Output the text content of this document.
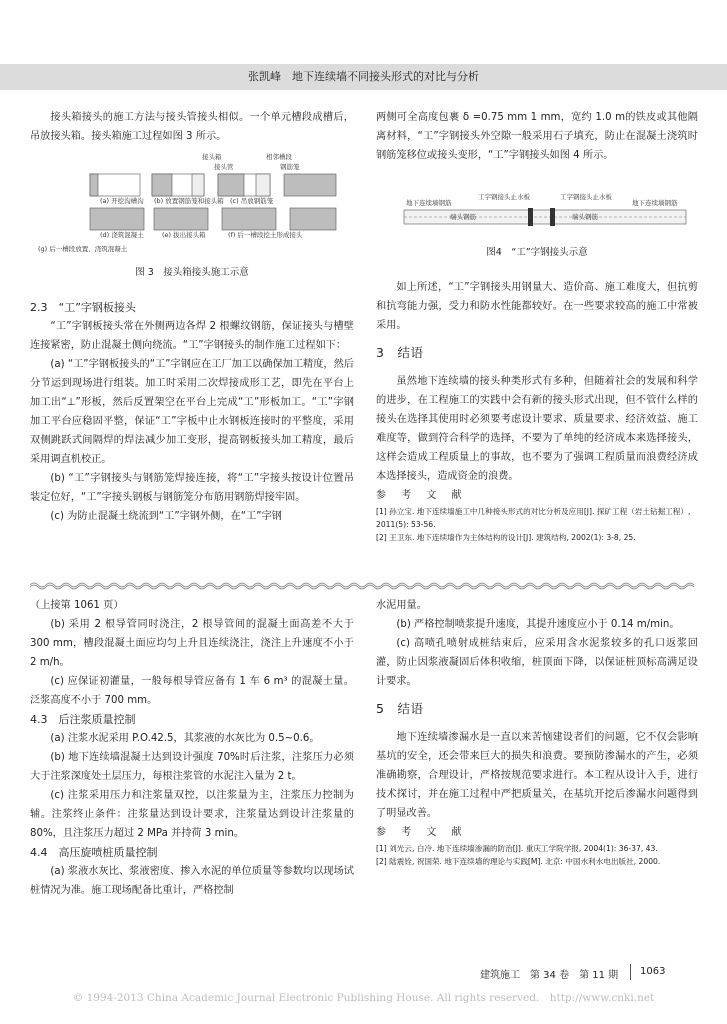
张凯峰　地下连续墙不同接头形式的对比与分析

接头箱接头的施工方法与接头管接头相似。一个单元槽段成槽后，吊放接头箱。接头箱施工过程如图 3 所示。

接头箱
接头管
相邻槽段
钢筋笼
(a) 开挖沟槽沟 (b) 放置钢筋笼和接头箱 (c) 吊放钢筋笼
(d) 浇筑混凝土	(e) 拔出接头箱	(f) 后一槽段挖土形成接头
(g) 后一槽段放置、浇筑混凝土
图 3　接头箱接头施工示意

2.3　“工”字钢板接头

“工”字钢板接头常在外侧两边各焊 2 根螺纹钢筋，保证接头与槽壁连接紧密，防止混凝土侧向绕流。“工”字钢接头的制作施工过程如下：

(a) “工”字钢板接头的“工”字钢应在工厂加工以确保加工精度，然后分节运到现场进行组装。加工时采用二次焊接成形工艺，即先在平台上加工出“⊥”形板，然后反置架空在平台上完成“工”形板加工。“工”字钢加工平台应稳固平整，保证“工”字板中止水钢板连接时的平整度，采用双侧跳跃式间隔焊的焊法减少加工变形，提高钢板接头加工精度，最后采用调直机校正。

(b) “工”字钢接头与钢筋笼焊接连接，将“工”字接头按设计位置吊装定位好，“工”字接头钢板与钢筋笼分布筋用钢筋焊接牢固。

(c) 为防止混凝土绕流到“工”字钢外侧，在“工”字钢

两侧可全高度包裹 δ =0.75 mm 1 mm，宽约 1.0 m的铁皮或其他隔离材料，“工”字钢接头外空隙一般采用石子填充，防止在混凝土浇筑时钢筋笼移位或接头变形，“工”字钢接头如图 4 所示。

工字钢接头止水板	工字钢接头止水板
地下连续墙钢筋	地下连续墙钢筋
端头钢筋	端头钢筋
图4　“工”字钢接头示意

如上所述，“工”字钢接头用钢量大、造价高、施工难度大，但抗剪和抗弯能力强，受力和防水性能都较好。在一些要求较高的施工中常被采用。

3　结语

虽然地下连续墙的接头种类形式有多种，但随着社会的发展和科学的进步，在工程施工的实践中会有新的接头形式出现，但不管什么样的接头在选择其使用时必须要考虑设计要求、质量要求、经济效益、施工难度等，做到符合科学的选择，不要为了单纯的经济成本来选择接头，这样会造成工程质量上的事故，也不要为了强调工程质量而浪费经济成本选择接头，造成资金的浪费。

参 考 文 献

[1] 孙立宝. 地下连续墙施工中几种接头形式的对比分析及应用[J]. 探矿工程（岩土钻掘工程）, 2011(5): 53-56.

[2] 王卫东. 地下连续墙作为主体结构的设计[J]. 建筑结构, 2002(1): 3-8, 25.

（上接第 1061 页）

(b) 采用 2 根导管同时浇注，2 根导管间的混凝土面高差不大于 300 mm，槽段混凝土面应均匀上升且连续浇注，浇注上升速度不小于 2 m/h。

(c) 应保证初灌量，一般每根导管应备有 1 车 6 m³ 的混凝土量。泛浆高度不小于 700 mm。

4.3　后注浆质量控制

(a) 注浆水泥采用 P.O.42.5，其浆液的水灰比为 0.5~0.6。

(b) 地下连续墙混凝土达到设计强度 70%时后注浆，注浆压力必须大于注浆深度处土层压力，每根注浆管的水泥注入量为 2 t。

(c) 注浆采用压力和注浆量双控，以注浆量为主，注浆压力控制为辅。注浆终止条件：注浆量达到设计要求，注浆量达到设计注浆量的 80%，且注浆压力超过 2 MPa 并持荷 3 min。

4.4　高压旋喷桩质量控制

(a) 浆液水灰比、浆液密度、掺入水泥的单位质量等参数均以现场试桩情况为准。施工现场配备比重计，严格控制

水泥用量。

(b) 严格控制喷浆提升速度，其提升速度应小于 0.14 m/min。

(c) 高喷孔喷射成桩结束后，应采用含水泥浆较多的孔口返浆回灌，防止因浆液凝固后体积收缩，桩顶面下降，以保证桩顶标高满足设计要求。

5　结语

地下连续墙渗漏水是一直以来苦恼建设者们的问题，它不仅会影响基坑的安全，还会带来巨大的损失和浪费。要预防渗漏水的产生，必须准确勘察，合理设计，严格按规范要求进行。本工程从设计入手，进行技术探讨，并在施工过程中严把质量关，在基坑开挖后渗漏水问题得到了明显改善。

参 考 文 献

[1] 刘光云, 白冷. 地下连续墙渗漏的防治[J]. 重庆工学院学报, 2004(1): 36-37, 43.

[2] 陆震铨, 祝国荣. 地下连续墙的理论与实践[M]. 北京: 中国水利水电出版社, 2000.

建筑施工　第 34 卷　第 11 期 1063
© 1994-2013 China Academic Journal Electronic Publishing House. All rights reserved.　http://www.cnki.net
